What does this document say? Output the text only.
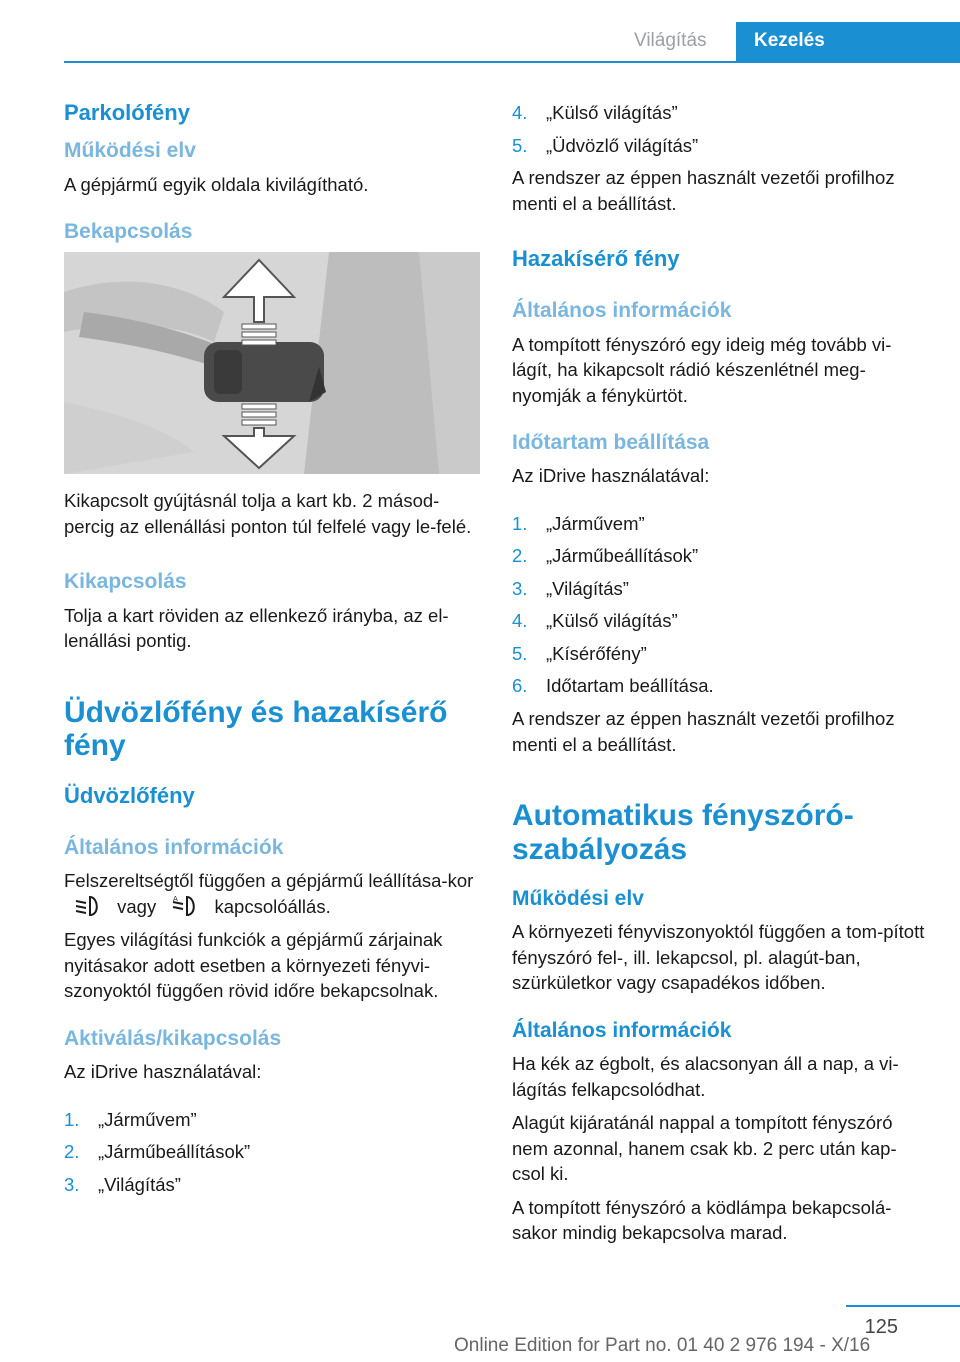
Világítás	Kezelés
Parkolófény
Működési elv

A gépjármű egyik oldala kivilágítható.

Bekapcsolás

Kikapcsolt gyújtásnál tolja a kart kb. 2 másod-percig az ellenállási ponton túl felfelé vagy le-felé.

Kikapcsolás

Tolja a kart röviden az ellenkező irányba, az el-lenállási pontig.

Üdvözlőfény és hazakísérő fény
Üdvözlőfény
Általános információk

Felszereltségtől függően a gépjármű leállítása-kor  vagy A kapcsolóállás.

Egyes világítási funkciók a gépjármű zárjainak nyitásakor adott esetben a környezeti fényvi-szonyoktól függően rövid időre bekapcsolnak.

Aktiválás/kikapcsolás

Az iDrive használatával:

1.	„Járművem”
2.	„Járműbeállítások”
3.	„Világítás”
4.	„Külső világítás”
5.	„Üdvözlő világítás”

A rendszer az éppen használt vezetői profilhoz menti el a beállítást.

Hazakísérő fény
Általános információk

A tompított fényszóró egy ideig még tovább vi-lágít, ha kikapcsolt rádió készenlétnél meg-nyomják a fénykürtöt.

Időtartam beállítása

Az iDrive használatával:

1.	„Járművem”
2.	„Járműbeállítások”
3.	„Világítás”
4.	„Külső világítás”
5.	„Kísérőfény”
6.	Időtartam beállítása.

A rendszer az éppen használt vezetői profilhoz menti el a beállítást.

Automatikus fényszóró-szabályozás
Működési elv

A környezeti fényviszonyoktól függően a tom-pított fényszóró fel-, ill. lekapcsol, pl. alagút-ban, szürkületkor vagy csapadékos időben.

Általános információk

Ha kék az égbolt, és alacsonyan áll a nap, a vi-lágítás felkapcsolódhat.

Alagút kijáratánál nappal a tompított fényszóró nem azonnal, hanem csak kb. 2 perc után kap-csol ki.

A tompított fényszóró a ködlámpa bekapcsolá-sakor mindig bekapcsolva marad.

125
Online Edition for Part no. 01 40 2 976 194 - X/16
